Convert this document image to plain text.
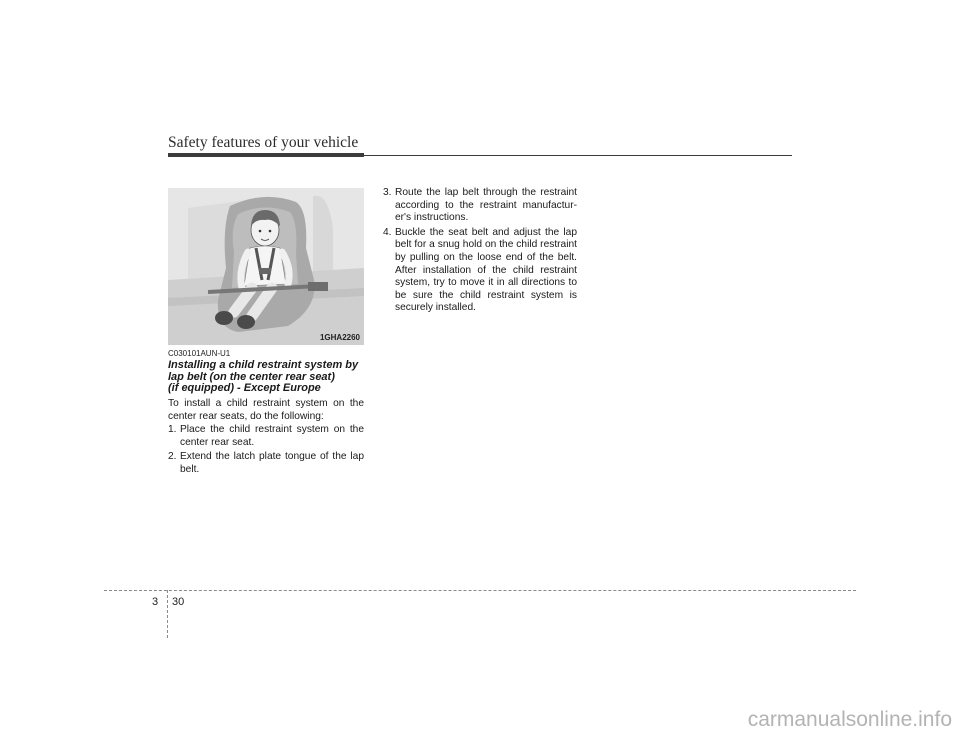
Safety features of your vehicle
1GHA2260
C030101AUN-U1
Installing a child restraint system by
lap belt (on the center rear seat)
(if equipped) - Except Europe
To install a child restraint system on the center rear seats, do the following:
1. Place the child restraint system on the center rear seat.
2. Extend the latch plate tongue of the lap belt.
3. Route the lap belt through the restraint according to the restraint manufactur-er's instructions.
4. Buckle the seat belt and adjust the lap belt for a snug hold on the child restraint by pulling on the loose end of the belt. After installation of the child restraint system, try to move it in all directions to be sure the child restraint system is securely installed.
3 30
carmanualsonline.info
